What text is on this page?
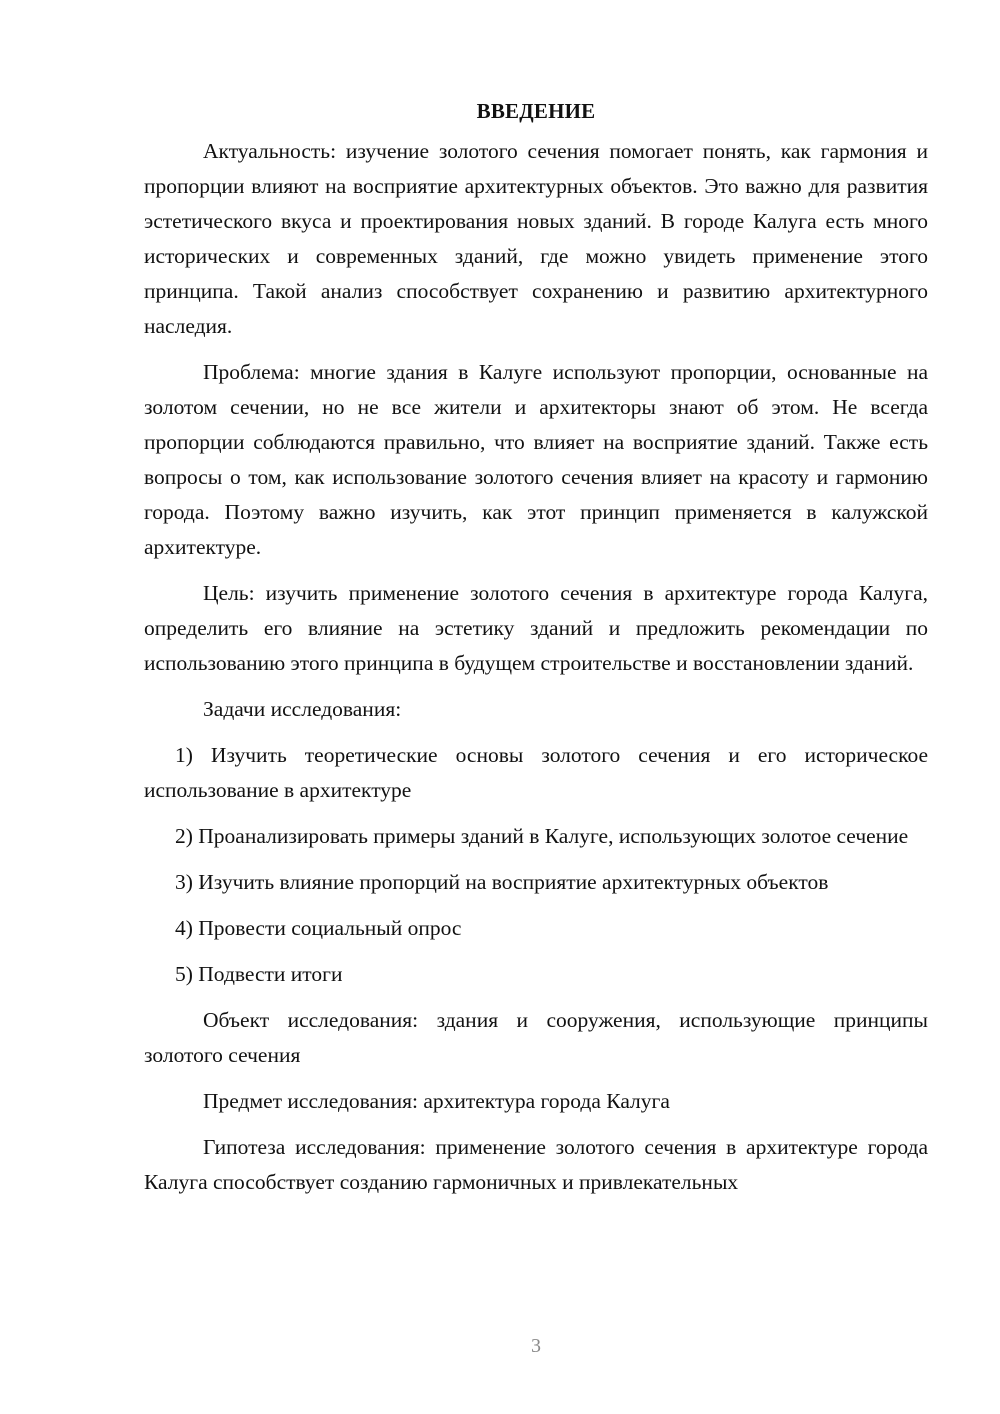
ВВЕДЕНИЕ

Актуальность: изучение золотого сечения помогает понять, как гармония и пропорции влияют на восприятие архитектурных объектов. Это важно для развития эстетического вкуса и проектирования новых зданий. В городе Калуга есть много исторических и современных зданий, где можно увидеть применение этого принципа. Такой анализ способствует сохранению и развитию архитектурного наследия.

Проблема: многие здания в Калуге используют пропорции, основанные на золотом сечении, но не все жители и архитекторы знают об этом. Не всегда пропорции соблюдаются правильно, что влияет на восприятие зданий. Также есть вопросы о том, как использование золотого сечения влияет на красоту и гармонию города. Поэтому важно изучить, как этот принцип применяется в калужской архитектуре.

Цель: изучить применение золотого сечения в архитектуре города Калуга, определить его влияние на эстетику зданий и предложить рекомендации по использованию этого принципа в будущем строительстве и восстановлении зданий.

Задачи исследования:

1) Изучить теоретические основы золотого сечения и его историческое использование в архитектуре

2) Проанализировать примеры зданий в Калуге, использующих золотое сечение

3) Изучить влияние пропорций на восприятие архитектурных объектов

4) Провести социальный опрос

5) Подвести итоги

Объект исследования: здания и сооружения, использующие принципы золотого сечения

Предмет исследования: архитектура города Калуга

Гипотеза исследования: применение золотого сечения в архитектуре города Калуга способствует созданию гармоничных и привлекательных

3
